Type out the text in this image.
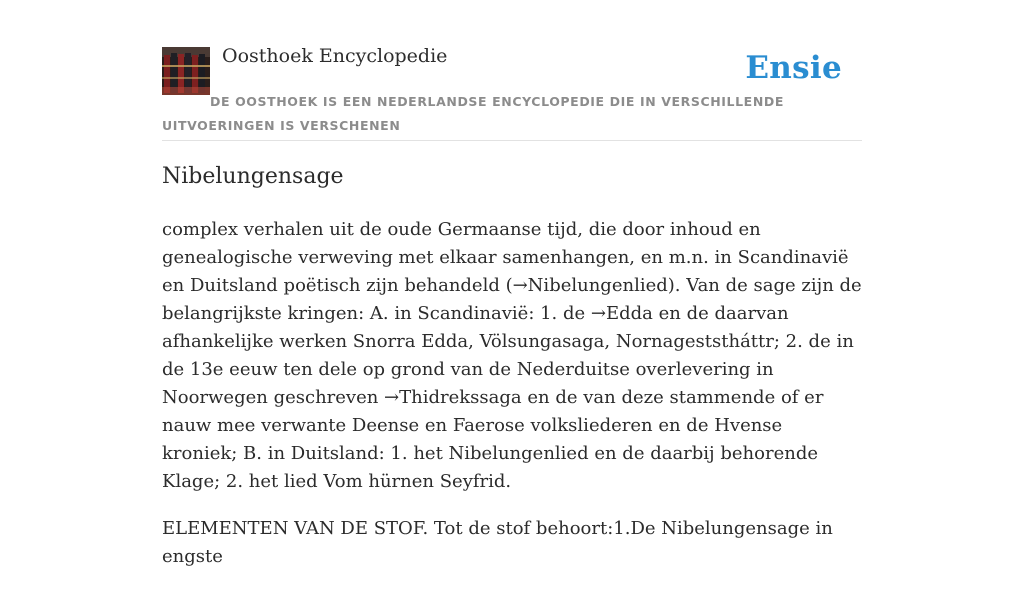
Oosthoek Encyclopedie	Ensie
DE OOSTHOEK IS EEN NEDERLANDSE ENCYCLOPEDIE DIE IN VERSCHILLENDE UITVOERINGEN IS VERSCHENEN
Nibelungensage

complex verhalen uit de oude Germaanse tijd, die door inhoud en genealogische verweving met elkaar samenhangen, en m.n. in Scandinavië en Duitsland poëtisch zijn behandeld (→Nibelungenlied). Van de sage zijn de belangrijkste kringen: A. in Scandinavië: 1. de →Edda en de daarvan afhankelijke werken Snorra Edda, Völsungasaga, Nornageststháttr; 2. de in de 13e eeuw ten dele op grond van de Nederduitse overlevering in Noorwegen geschreven →Thidrekssaga en de van deze stammende of er nauw mee verwante Deense en Faerose volksliederen en de Hvense kroniek; B. in Duitsland: 1. het Nibelungenlied en de daarbij behorende Klage; 2. het lied Vom hürnen Seyfrid.

ELEMENTEN VAN DE STOF. Tot de stof behoort:1.De Nibelungensage in engste
